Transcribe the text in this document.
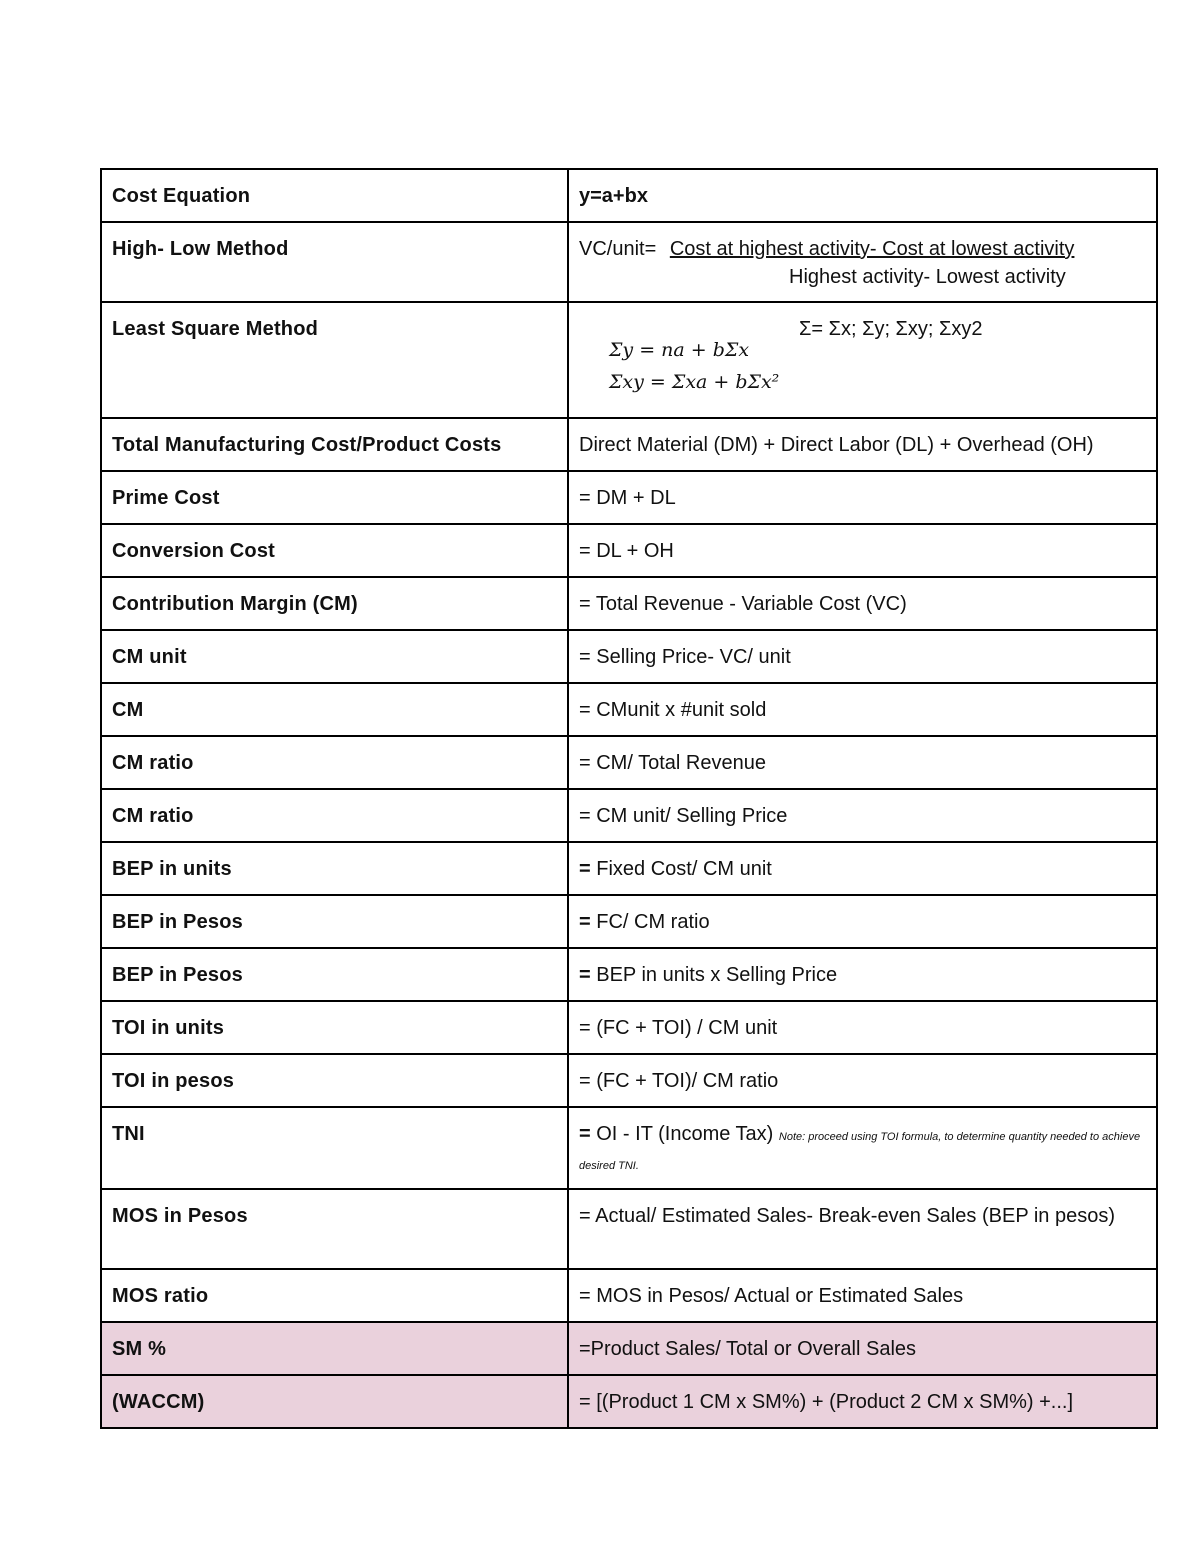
Cost Equation	y=a+bx
High- Low Method	VC/unit= Cost at highest activity- Cost at lowest activity
Highest activity- Lowest activity

Least Square Method	Σ= Σx; Σy; Σxy; Σxy2
Σy = na + bΣx
Σxy = Σxa + bΣx²

Total Manufacturing Cost/Product Costs	Direct Material (DM) + Direct Labor (DL) + Overhead (OH)
Prime Cost	= DM + DL
Conversion Cost	= DL + OH
Contribution Margin (CM)	= Total Revenue - Variable Cost (VC)
CM unit	= Selling Price- VC/ unit
CM	= CMunit x #unit sold
CM ratio	= CM/ Total Revenue
CM ratio	= CM unit/ Selling Price
BEP in units	= Fixed Cost/ CM unit
BEP in Pesos	= FC/ CM ratio
BEP in Pesos	= BEP in units x Selling Price
TOI in units	= (FC + TOI) / CM unit
TOI in pesos	= (FC + TOI)/ CM ratio
TNI	= OI - IT (Income Tax) Note: proceed using TOI formula, to determine quantity needed to achieve desired TNI.
MOS in Pesos	= Actual/ Estimated Sales- Break-even Sales (BEP in pesos)
MOS ratio	= MOS in Pesos/ Actual or Estimated Sales
SM %	=Product Sales/ Total or Overall Sales
(WACCM)	= [(Product 1 CM x SM%) + (Product 2 CM x SM%) +...]
